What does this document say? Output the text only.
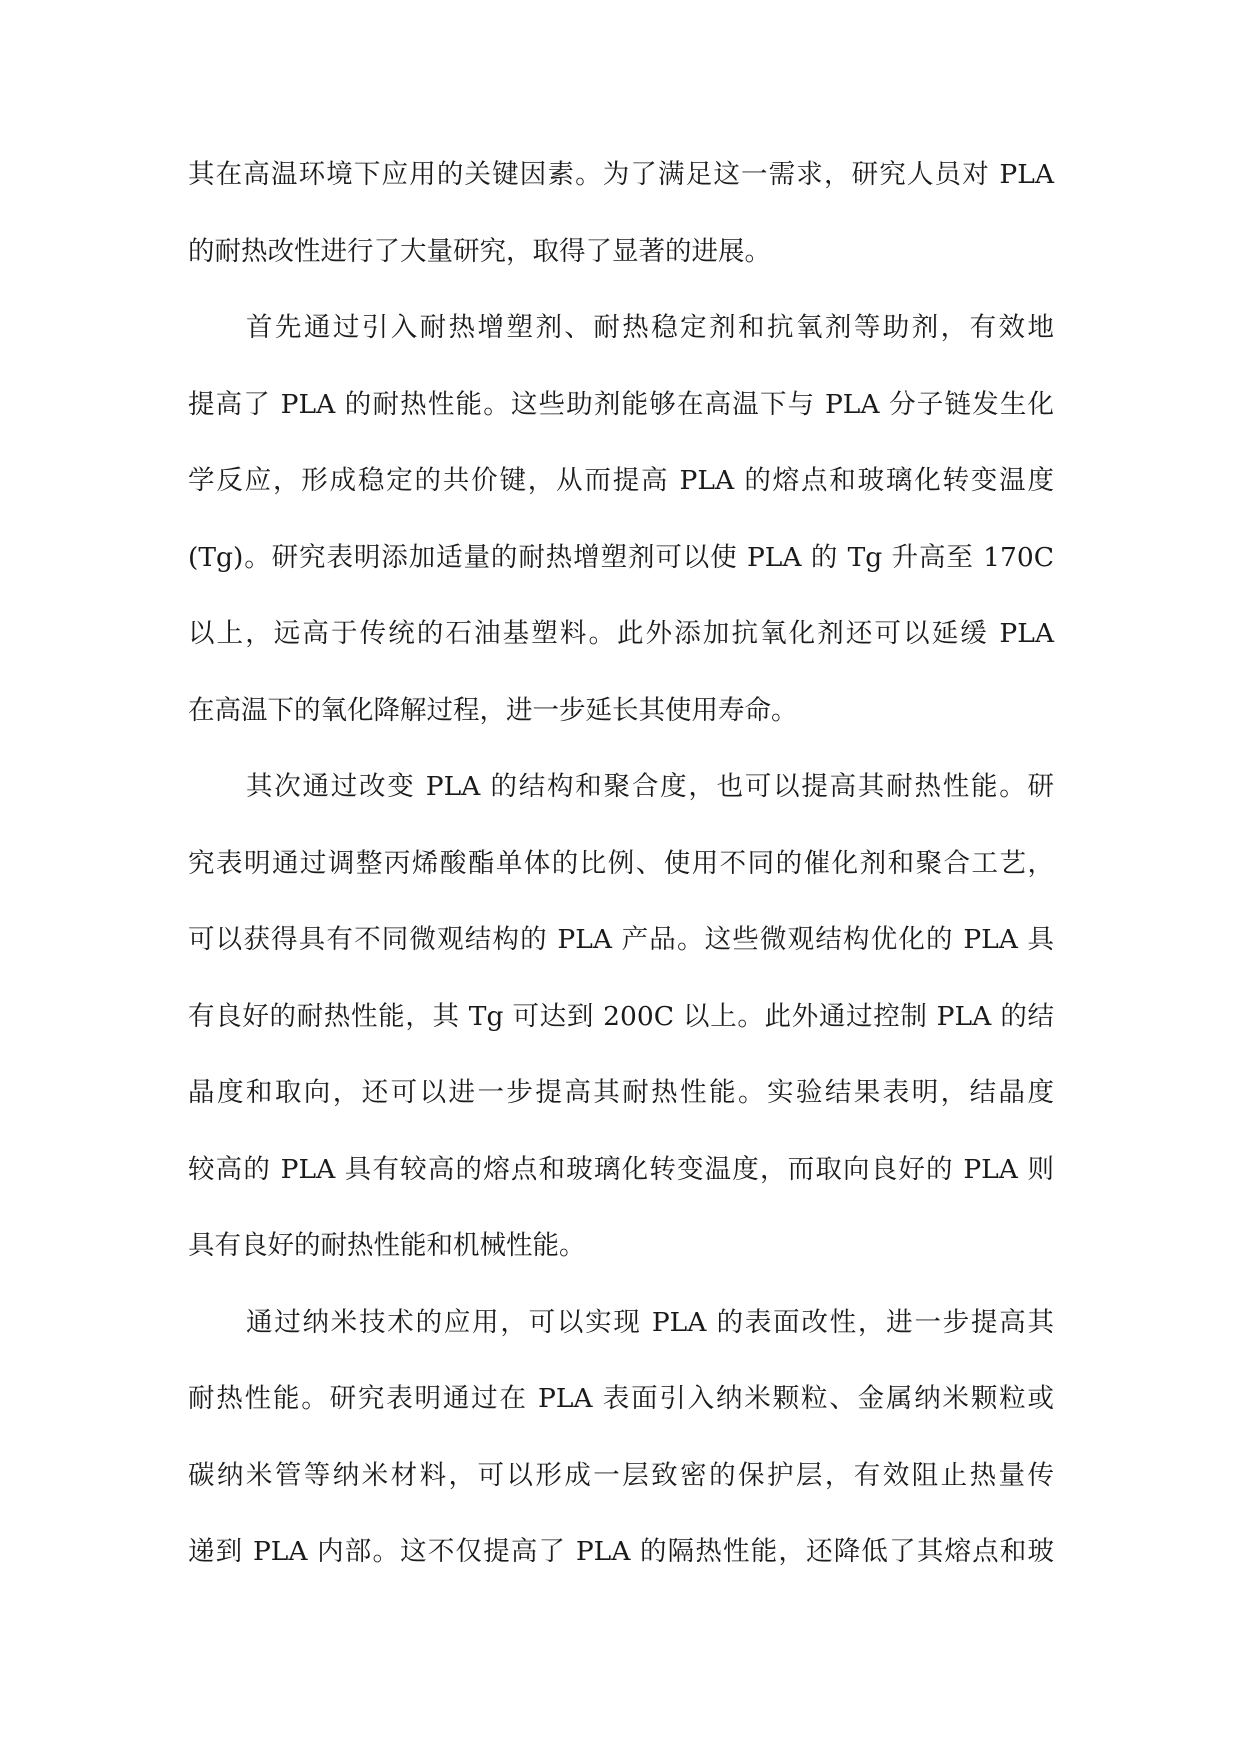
其在高温环境下应用的关键因素。为了满足这一需求，研究人员对 PLA
的耐热改性进行了大量研究，取得了显著的进展。
首先通过引入耐热增塑剂、耐热稳定剂和抗氧剂等助剂，有效地
提高了 PLA 的耐热性能。这些助剂能够在高温下与 PLA 分子链发生化
学反应，形成稳定的共价键，从而提高 PLA 的熔点和玻璃化转变温度
(Tg)。研究表明添加适量的耐热增塑剂可以使 PLA 的 Tg 升高至 170C
以上，远高于传统的石油基塑料。此外添加抗氧化剂还可以延缓 PLA
在高温下的氧化降解过程，进一步延长其使用寿命。
其次通过改变 PLA 的结构和聚合度，也可以提高其耐热性能。研
究表明通过调整丙烯酸酯单体的比例、使用不同的催化剂和聚合工艺，
可以获得具有不同微观结构的 PLA 产品。这些微观结构优化的 PLA 具
有良好的耐热性能，其 Tg 可达到 200C 以上。此外通过控制 PLA 的结
晶度和取向，还可以进一步提高其耐热性能。实验结果表明，结晶度
较高的 PLA 具有较高的熔点和玻璃化转变温度，而取向良好的 PLA 则
具有良好的耐热性能和机械性能。
通过纳米技术的应用，可以实现 PLA 的表面改性，进一步提高其
耐热性能。研究表明通过在 PLA 表面引入纳米颗粒、金属纳米颗粒或
碳纳米管等纳米材料，可以形成一层致密的保护层，有效阻止热量传
递到 PLA 内部。这不仅提高了 PLA 的隔热性能，还降低了其熔点和玻
